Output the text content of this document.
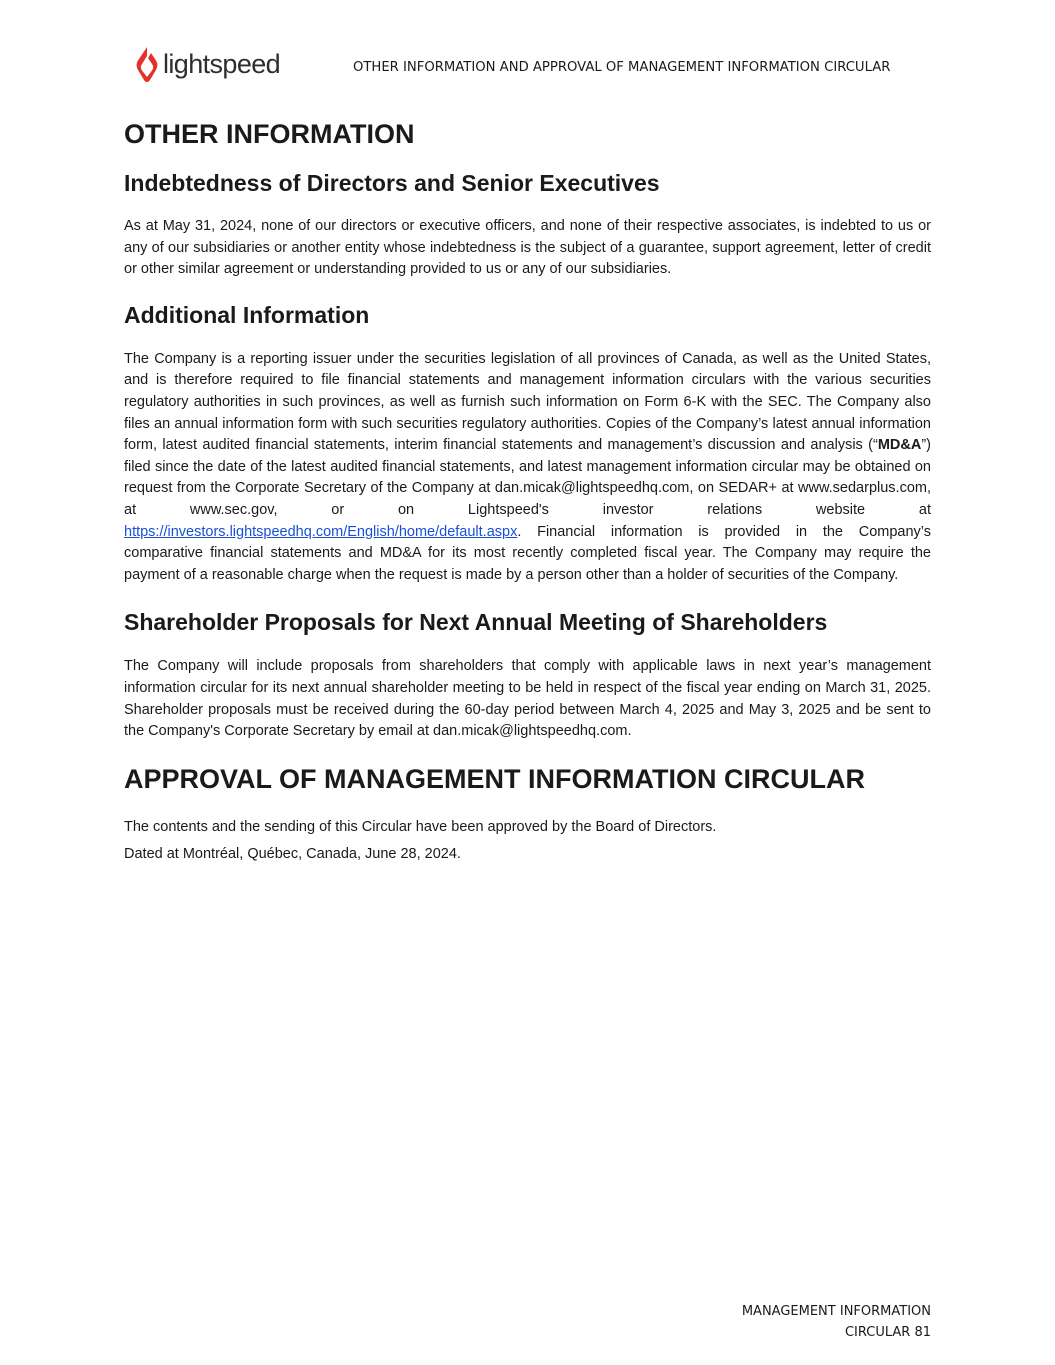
lightspeed	OTHER INFORMATION AND APPROVAL OF MANAGEMENT INFORMATION CIRCULAR
OTHER INFORMATION
Indebtedness of Directors and Senior Executives

As at May 31, 2024, none of our directors or executive officers, and none of their respective associates, is indebted to us or any of our subsidiaries or another entity whose indebtedness is the subject of a guarantee, support agreement, letter of credit or other similar agreement or understanding provided to us or any of our subsidiaries.

Additional Information

The Company is a reporting issuer under the securities legislation of all provinces of Canada, as well as the United States, and is therefore required to file financial statements and management information circulars with the various securities regulatory authorities in such provinces, as well as furnish such information on Form 6-K with the SEC. The Company also files an annual information form with such securities regulatory authorities. Copies of the Company’s latest annual information form, latest audited financial statements, interim financial statements and management’s discussion and analysis (“MD&A”) filed since the date of the latest audited financial statements, and latest management information circular may be obtained on request from the Corporate Secretary of the Company at dan.micak@lightspeedhq.com, on SEDAR+ at www.sedarplus.com, at www.sec.gov, or on Lightspeed's investor relations website at https://investors.lightspeedhq.com/English/home/default.aspx. Financial information is provided in the Company’s comparative financial statements and MD&A for its most recently completed fiscal year. The Company may require the payment of a reasonable charge when the request is made by a person other than a holder of securities of the Company.

Shareholder Proposals for Next Annual Meeting of Shareholders

The Company will include proposals from shareholders that comply with applicable laws in next year’s management information circular for its next annual shareholder meeting to be held in respect of the fiscal year ending on March 31, 2025. Shareholder proposals must be received during the 60-day period between March 4, 2025 and May 3, 2025 and be sent to the Company's Corporate Secretary by email at dan.micak@lightspeedhq.com.

APPROVAL OF MANAGEMENT INFORMATION CIRCULAR

The contents and the sending of this Circular have been approved by the Board of Directors.

Dated at Montréal, Québec, Canada, June 28, 2024.

MANAGEMENT INFORMATION
CIRCULAR 81
